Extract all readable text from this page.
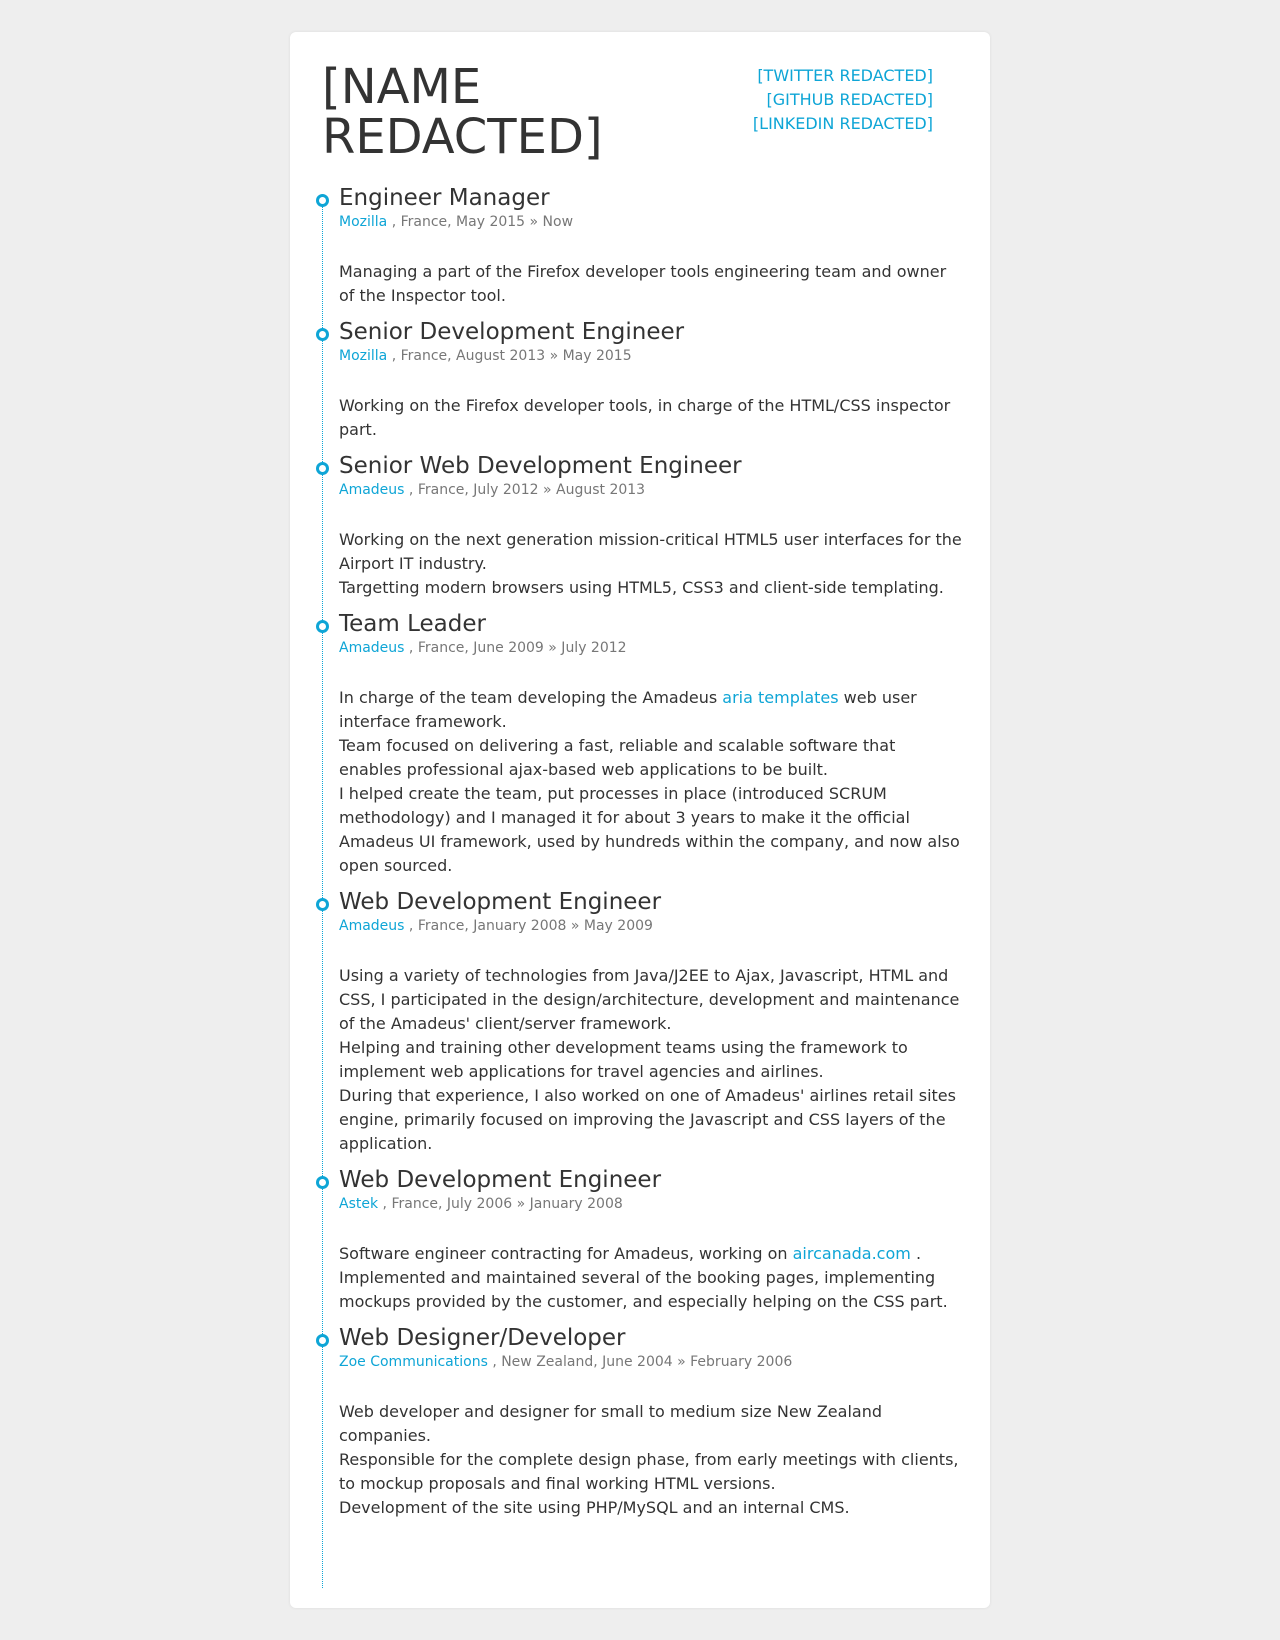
[NAME REDACTED]
[TWITTER REDACTED]
[GITHUB REDACTED]
[LINKEDIN REDACTED]
Engineer Manager
Mozilla , France, May 2015 » Now

Managing a part of the Firefox developer tools engineering team and owner of the Inspector tool.

Senior Development Engineer
Mozilla , France, August 2013 » May 2015

Working on the Firefox developer tools, in charge of the HTML/CSS inspector part.

Senior Web Development Engineer
Amadeus , France, July 2012 » August 2013

Working on the next generation mission-critical HTML5 user interfaces for the Airport IT industry.

Targetting modern browsers using HTML5, CSS3 and client-side templating.

Team Leader
Amadeus , France, June 2009 » July 2012

In charge of the team developing the Amadeus aria templates web user interface framework.

Team focused on delivering a fast, reliable and scalable software that enables professional ajax-based web applications to be built.

I helped create the team, put processes in place (introduced SCRUM methodology) and I managed it for about 3 years to make it the official Amadeus UI framework, used by hundreds within the company, and now also open sourced.

Web Development Engineer
Amadeus , France, January 2008 » May 2009

Using a variety of technologies from Java/J2EE to Ajax, Javascript, HTML and CSS, I participated in the design/architecture, development and maintenance of the Amadeus' client/server framework.

Helping and training other development teams using the framework to implement web applications for travel agencies and airlines.

During that experience, I also worked on one of Amadeus' airlines retail sites engine, primarily focused on improving the Javascript and CSS layers of the application.

Web Development Engineer
Astek , France, July 2006 » January 2008

Software engineer contracting for Amadeus, working on aircanada.com .

Implemented and maintained several of the booking pages, implementing mockups provided by the customer, and especially helping on the CSS part.

Web Designer/Developer
Zoe Communications , New Zealand, June 2004 » February 2006

Web developer and designer for small to medium size New Zealand companies.

Responsible for the complete design phase, from early meetings with clients, to mockup proposals and final working HTML versions.

Development of the site using PHP/MySQL and an internal CMS.
